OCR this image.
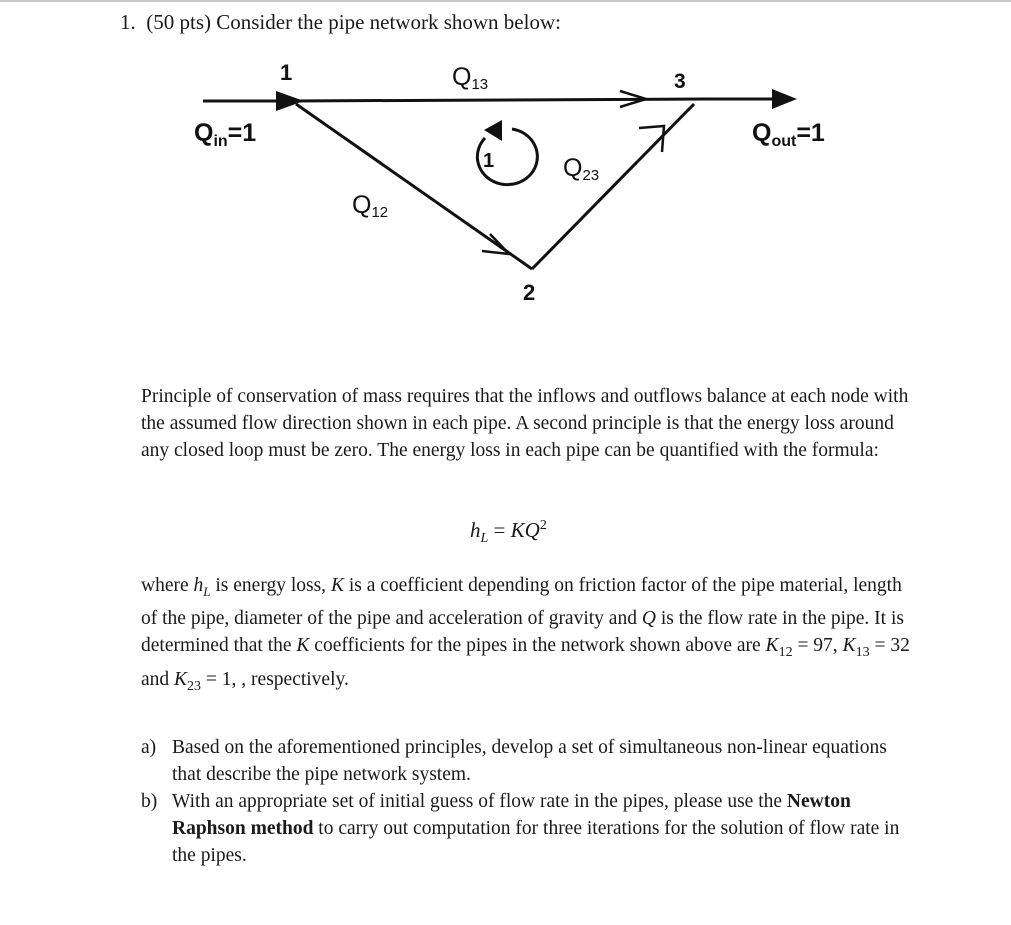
1. (50 pts) Consider the pipe network shown below:
1	3
2
1
Q13
Q12
Q23
$Q_{in}=1$	$Q_{out}=1$
Principle of conservation of mass requires that the inflows and outflows balance at each node with the assumed flow direction shown in each pipe. A second principle is that the energy loss around any closed loop must be zero. The energy loss in each pipe can be quantified with the formula:
$h_L = KQ^2$
where $h_L$ is energy loss, K is a coefficient depending on friction factor of the pipe material, length of the pipe, diameter of the pipe and acceleration of gravity and Q is the flow rate in the pipe. It is determined that the K coefficients for the pipes in the network shown above are $K_{12} = 97$, $K_{13} = 32$ and $K_{23} = 1$, , respectively.
a) Based on the aforementioned principles, develop a set of simultaneous non-linear equations that describe the pipe network system.
b) With an appropriate set of initial guess of flow rate in the pipes, please use the Newton Raphson method to carry out computation for three iterations for the solution of flow rate in the pipes.
